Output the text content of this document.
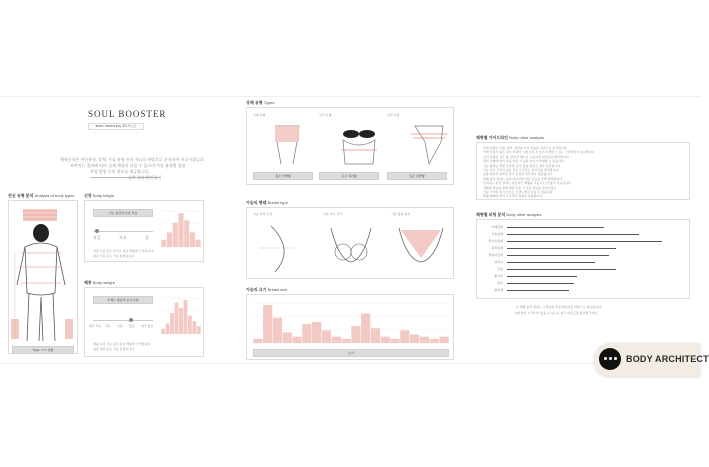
SOUL BOOSTER
BODY PROFILING 체크리스트
체형분석은 전신유형, 상체, 가슴 유형 등의 자료를 바탕으로 분석하여 이루어집니다.
보여지는 결과에 따라 실제 체형과 다를 수 있으며 가슴 유형별 볼륨
보정 방법 등의 정보를 제공합니다.
실측 결과 확인하기
전신 유형 분석 Analysis of body types
Type: ㅇㅇ 유형
신장 Body height
키는 평균치 보다 작음
작음	보통	큼
실측 기준 값은 한국인 평균 체형에 근거합니다.
평균 신장 분포 기준 통계입니다.
체중 Body weight
무게는 평균치 보다 보통
매우 적음 적음 보통 많음 매우 많음
체중 측정 기준 값은 평균 체형에 근거합니다.
평균 체중 분포 기준 통계입니다.
상체 유형 Types
어깨 유형	허리 유형	골반 유형
좁은 어깨형	곧은 허리형	넓은 골반형
가슴의 형태 Breast type
가슴 측면 모양	가슴 사이 간격	가슴 볼륨 위치
가슴의 크기 Breast size
보기
체형별 가이드라인 Body other analysis
상체 유형은 어깨, 허리, 골반의 너비 비율을 기준으로 분석합니다.
어깨 너비가 넓은 경우 상체가 크게 보일 수 있으며 밸런스 있는 스타일링이 필요합니다.
허리 유형은 곧은 형, 잘록한 형으로 구분하여 피팅감을 확인합니다.
골반 유형에 따라 하의 착용 시 핏의 차이가 발생할 수 있습니다.
가슴 형태는 측면 모양과 간격, 볼륨 위치로 세부 분류합니다.
가슴 사이 간격이 넓은 경우 모아주는 디자인을 추천합니다.
볼륨 위치가 위쪽인 경우 풍성한 실루엣이 연출됩니다.
체형 분석 결과는 실측 데이터와 설문 응답을 함께 반영합니다.
보여지는 분석 결과는 평균적인 체형을 기준으로 한 참고 자료입니다.
정확한 피팅을 위해 매장 방문 시 전문 상담을 받아보세요.
가슴 크기와 컵 사이즈는 브랜드별로 다를 수 있습니다.
체형 변화에 따라 주기적인 측정을 권장합니다.
체형별 피팅 분석 Body other analysis
어깨둘레
가슴둘레
밑가슴둘레
허리둘레
엉덩이둘레
허벅지
무릎
종아리
발목
팔둘레
본 체형 분석 결과는 고객님의 측정 데이터를 바탕으로 제공됩니다.
실제 착용 시 차이가 있을 수 있으니 참고 자료로만 활용해 주세요.
BODY ARCHITECT
